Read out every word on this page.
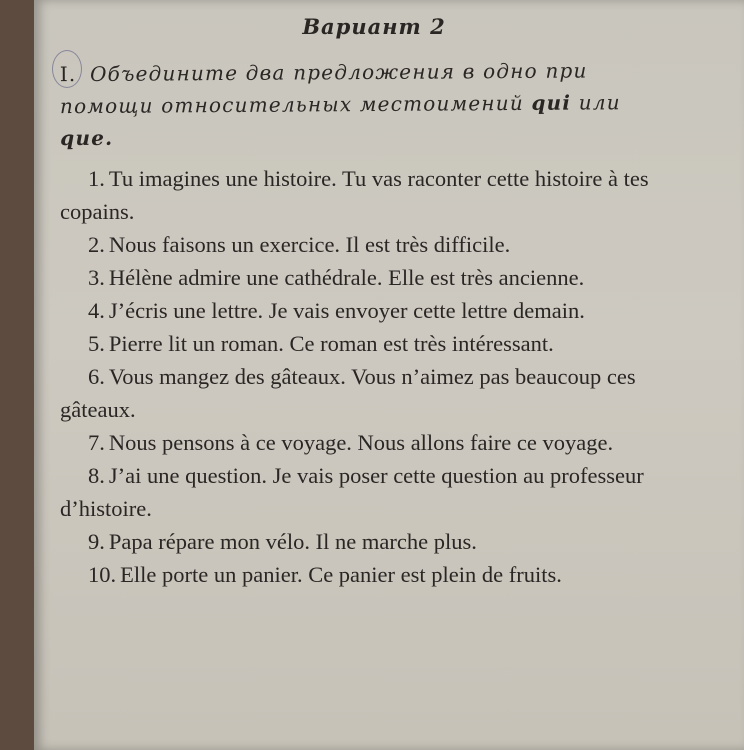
Вариант 2
I. Объедините два предложения в одно при помощи относительных местоимений qui или que.
1. Tu imagines une histoire. Tu vas raconter cette histoire à tes copains.
2. Nous faisons un exercice. Il est très difficile.
3. Hélène admire une cathédrale. Elle est très ancienne.
4. J’écris une lettre. Je vais envoyer cette lettre demain.
5. Pierre lit un roman. Ce roman est très intéressant.
6. Vous mangez des gâteaux. Vous n’aimez pas beaucoup ces gâteaux.
7. Nous pensons à ce voyage. Nous allons faire ce voyage.
8. J’ai une question. Je vais poser cette question au professeur d’histoire.
9. Papa répare mon vélo. Il ne marche plus.
10. Elle porte un panier. Ce panier est plein de fruits.
